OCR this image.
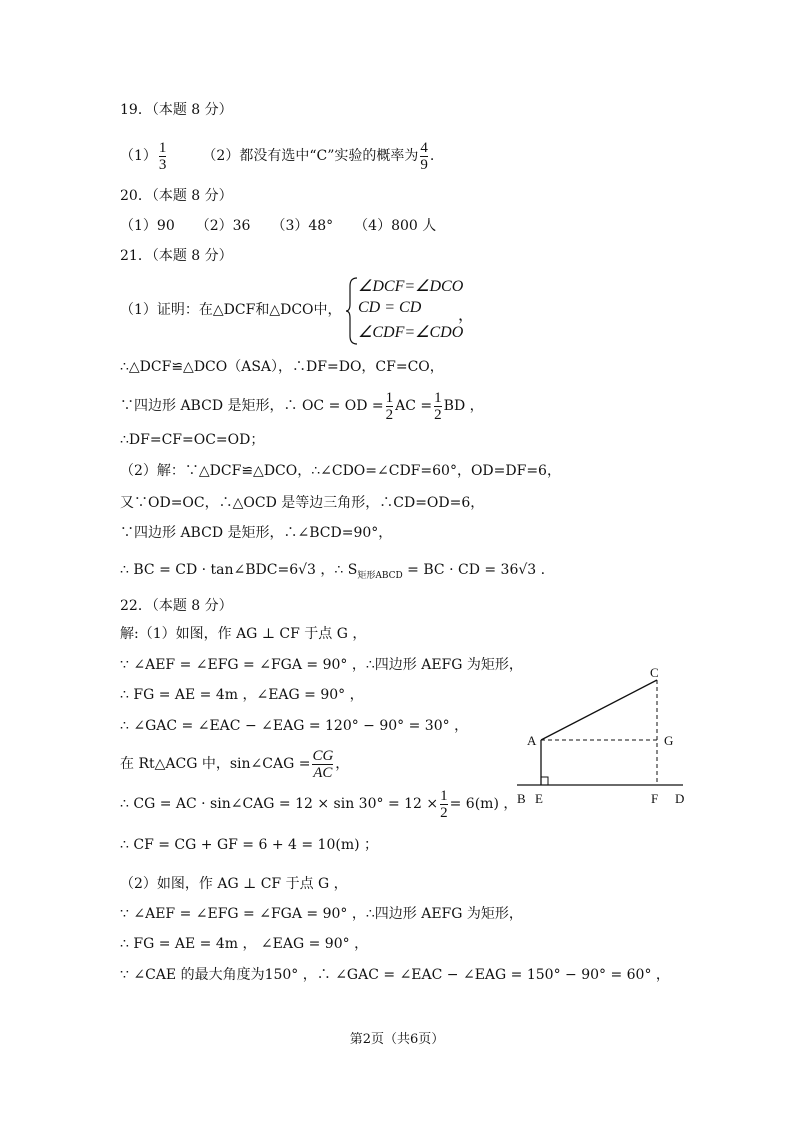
19．（本题 8 分）
$(1) \frac{1}{3}$	（2）都没有选中“C”实验的概率为 $\frac{4}{9}$ .
20．（本题 8 分）
（1）90　　（2）36　　（3）48°　　（4）800 人
21．（本题 8 分）
（1）证明：在△DCF和△DCO中，
∠DCF=∠DCO
CD = CD
∠CDF=∠CDO
，
∴△DCF≌△DCO（ASA），∴DF=DO，CF=CO，
∵四边形 ABCD 是矩形，∴ OC = OD = $\frac{1}{2}$ AC = $\frac{1}{2}$ BD ，
∴DF=CF=OC=OD；
（2）解：∵△DCF≌△DCO，∴∠CDO=∠CDF=60°，OD=DF=6，
又∵OD=OC，∴△OCD 是等边三角形，∴CD=OD=6，
∵四边形 ABCD 是矩形，∴∠BCD=90°，
∴ BC = CD · tan∠BDC=6√3 ，∴ $S_{矩形ABCD}$ = BC · CD = 36√3 .
22．（本题 8 分）
解:（1）如图，作 AG ⊥ CF 于点 G ，
∵ ∠AEF = ∠EFG = ∠FGA = 90° ，∴四边形 AEFG 为矩形，
∴ FG = AE = 4m ，∠EAG = 90° ，
∴ ∠GAC = ∠EAC − ∠EAG = 120° − 90° = 30° ，
在 Rt△ACG 中，sin∠CAG = $\frac{CG}{AC}$ ，
∴ CG = AC · sin∠CAG = $12 \times \sin 30^\circ = 12 \times \frac{1}{2} = 6(m)$ ，
∴ CF = CG + GF = 6 + 4 = 10(m) ；
（2）如图，作 AG ⊥ CF 于点 G ，
∵ ∠AEF = ∠EFG = ∠FGA = 90° ，∴四边形 AEFG 为矩形，
∴ FG = AE = 4m ， ∠EAG = 90° ，
∵ ∠CAE 的最大角度为150° ，∴ ∠GAC = ∠EAC − ∠EAG = 150° − 90° = 60° ，
C
A	G
B E	F D
第2页（共6页）
